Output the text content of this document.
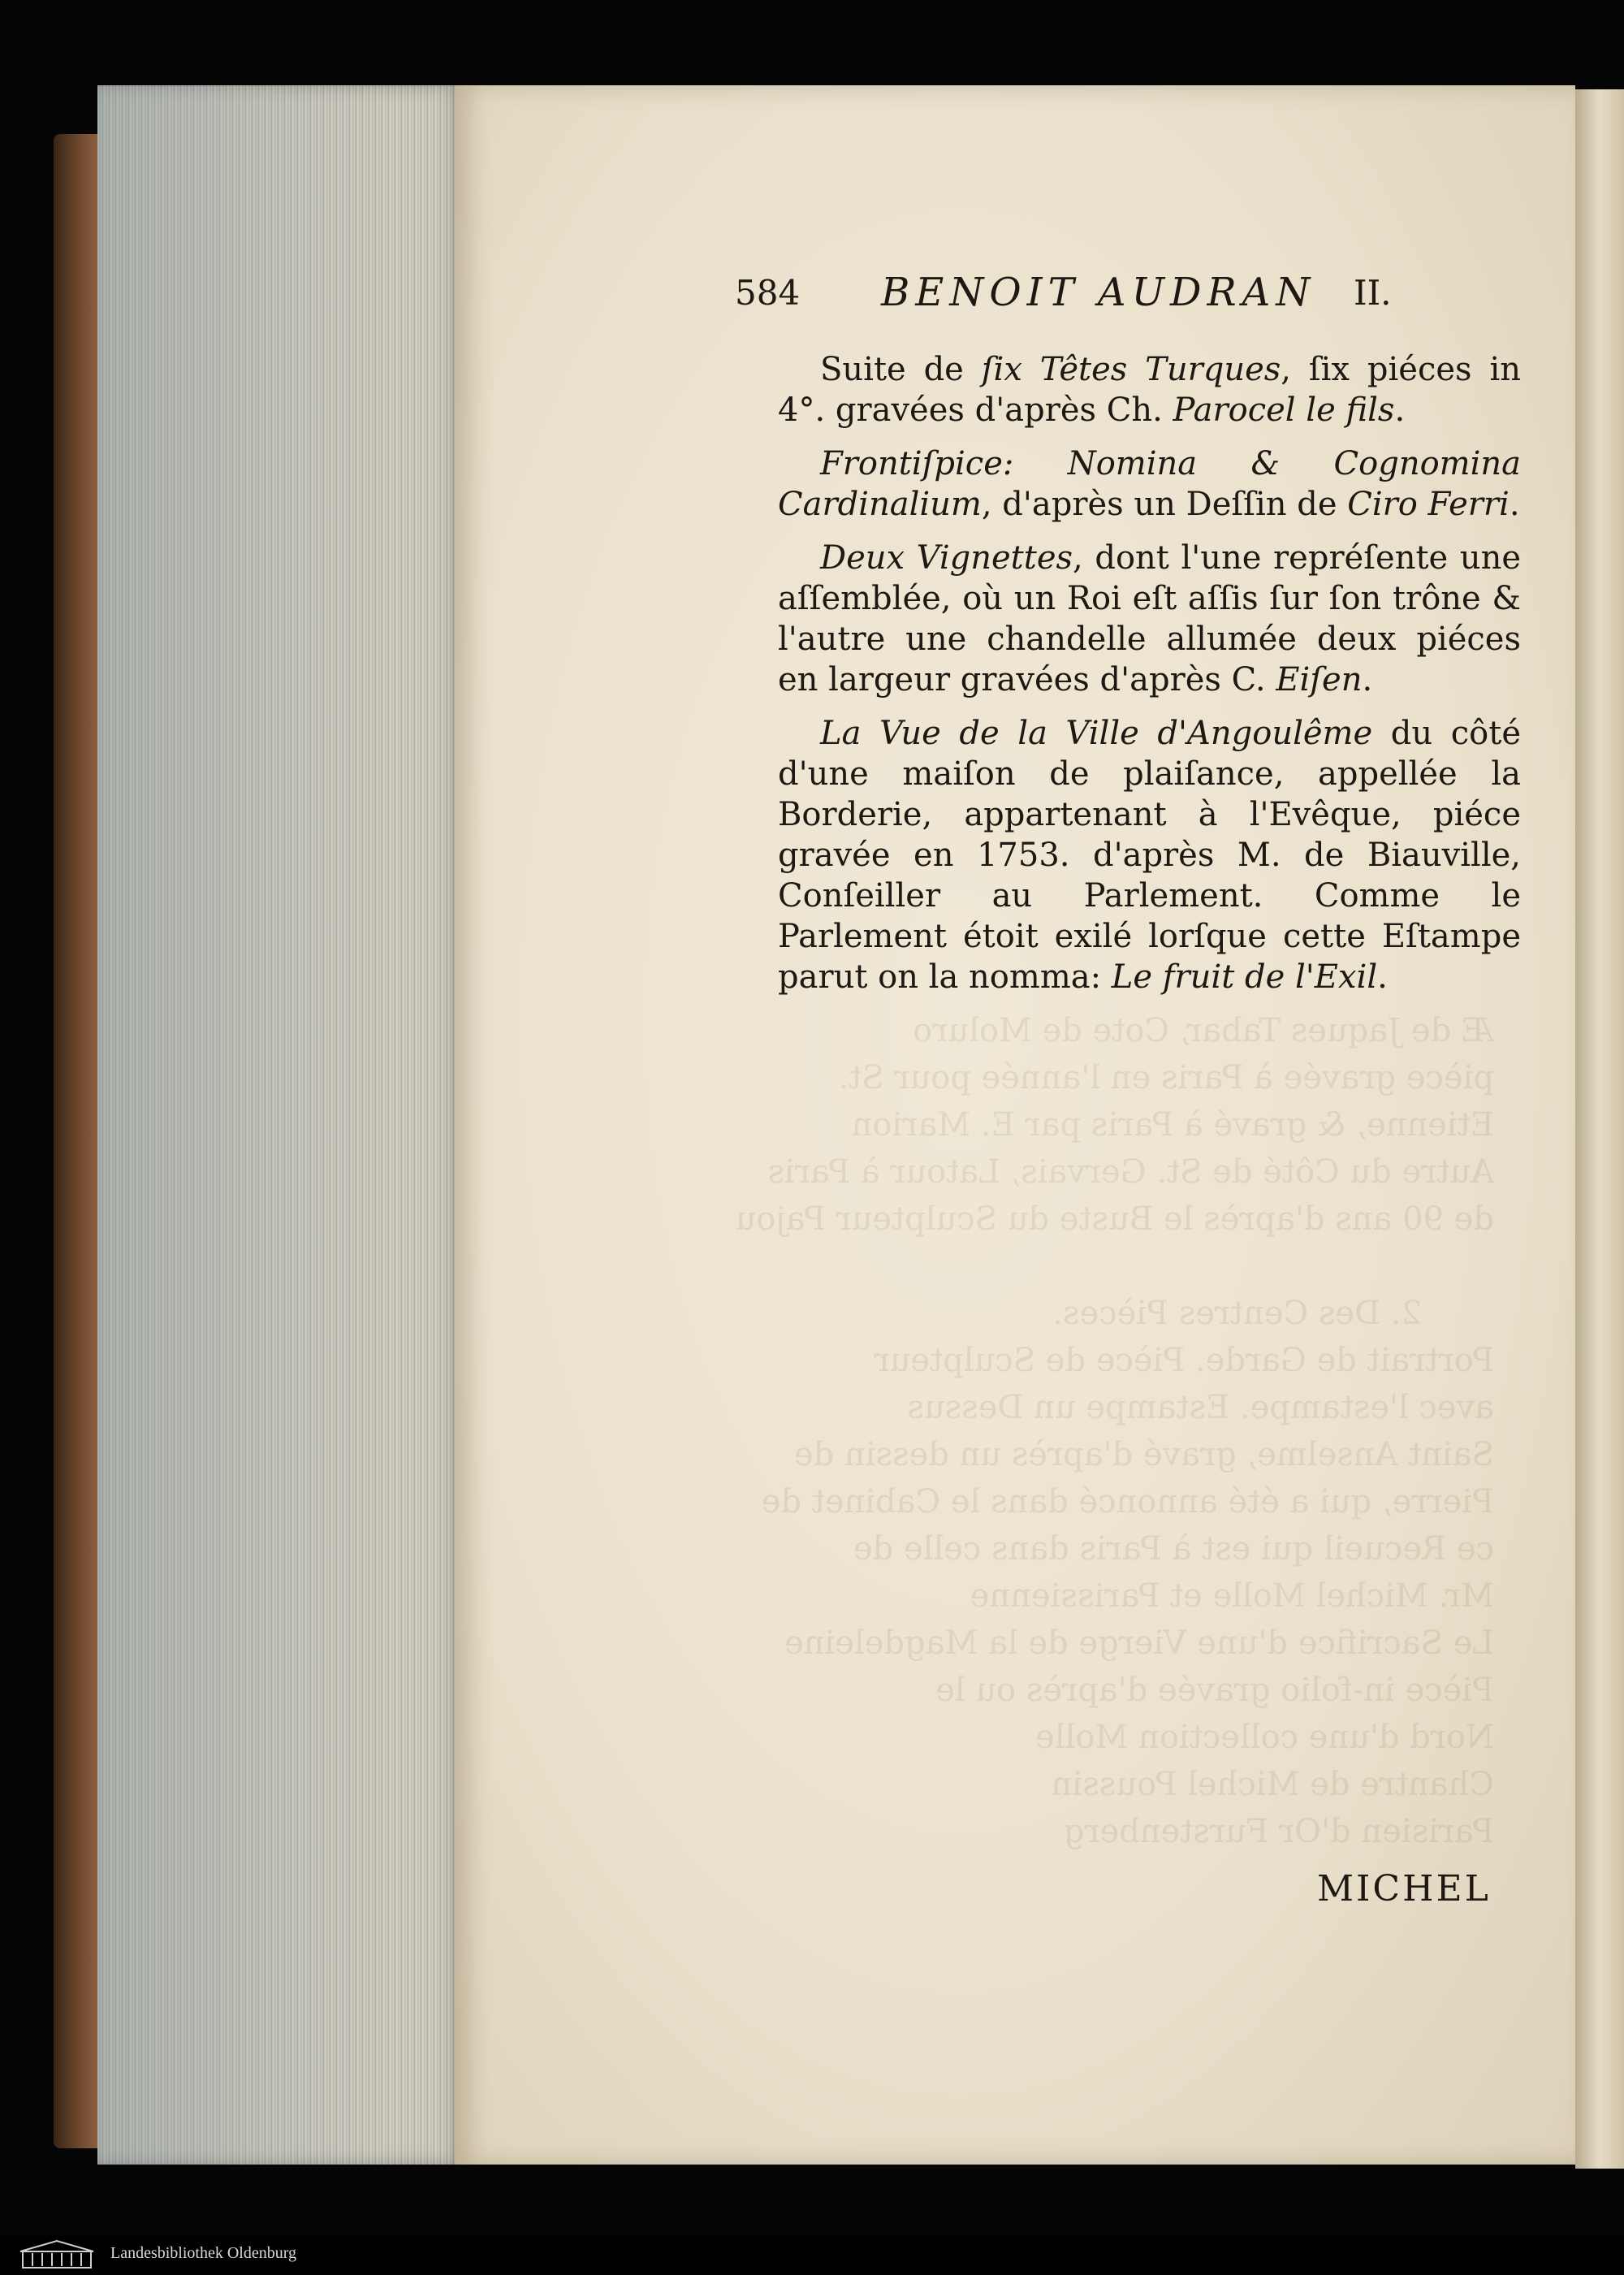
Æ de Jaques Tabar, Cote de Moluro
pièce gravée à Paris en l'année pour St.
Etienne, & gravé à Paris par E. Marion
Autre du Côté de St. Gervais, Latour à Paris
de 90 ans d'après le Buste du Sculpteur Pajou

2. Des Centres Pièces.
Portrait de Garde. Pièce de Sculpteur
avec l'estampe. Estampe un Dessus
Saint Anselme, gravé d'après un dessin de
Pierre, qui a été annoncé dans le Cabinet de
ce Recueil qui est à Paris dans celle de
Mr. Michel Molle et Parissienne
Le Sacrifice d'une Vierge de la Magdeleine
Pièce in-folio gravée d'après ou le
Nord d'une collection Molle
Chantre de Michel Poussin
Parisien d'Or Furstenberg
584 BENOIT AUDRAN II.

Suite de ſix Têtes Turques, ſix piéces in 4°. gravées d'après Ch. Parocel le fils.

Frontiſpice: Nomina & Cognomina Cardinalium, d'après un Deſſin de Ciro Ferri.

Deux Vignettes, dont l'une repréſente une aſſemblée, où un Roi eſt aſſis ſur ſon trône & l'autre une chandelle allumée deux piéces en largeur gravées d'après C. Eiſen.

La Vue de la Ville d'Angoulême du côté d'une maiſon de plaiſance, appellée la Borderie, appartenant à l'Evêque, piéce gravée en 1753. d'après M. de Biauville, Conſeiller au Parlement. Comme le Parlement étoit exilé lorſque cette Eſtampe parut on la nomma: Le fruit de l'Exil.

MICHEL
Landesbibliothek Oldenburg
